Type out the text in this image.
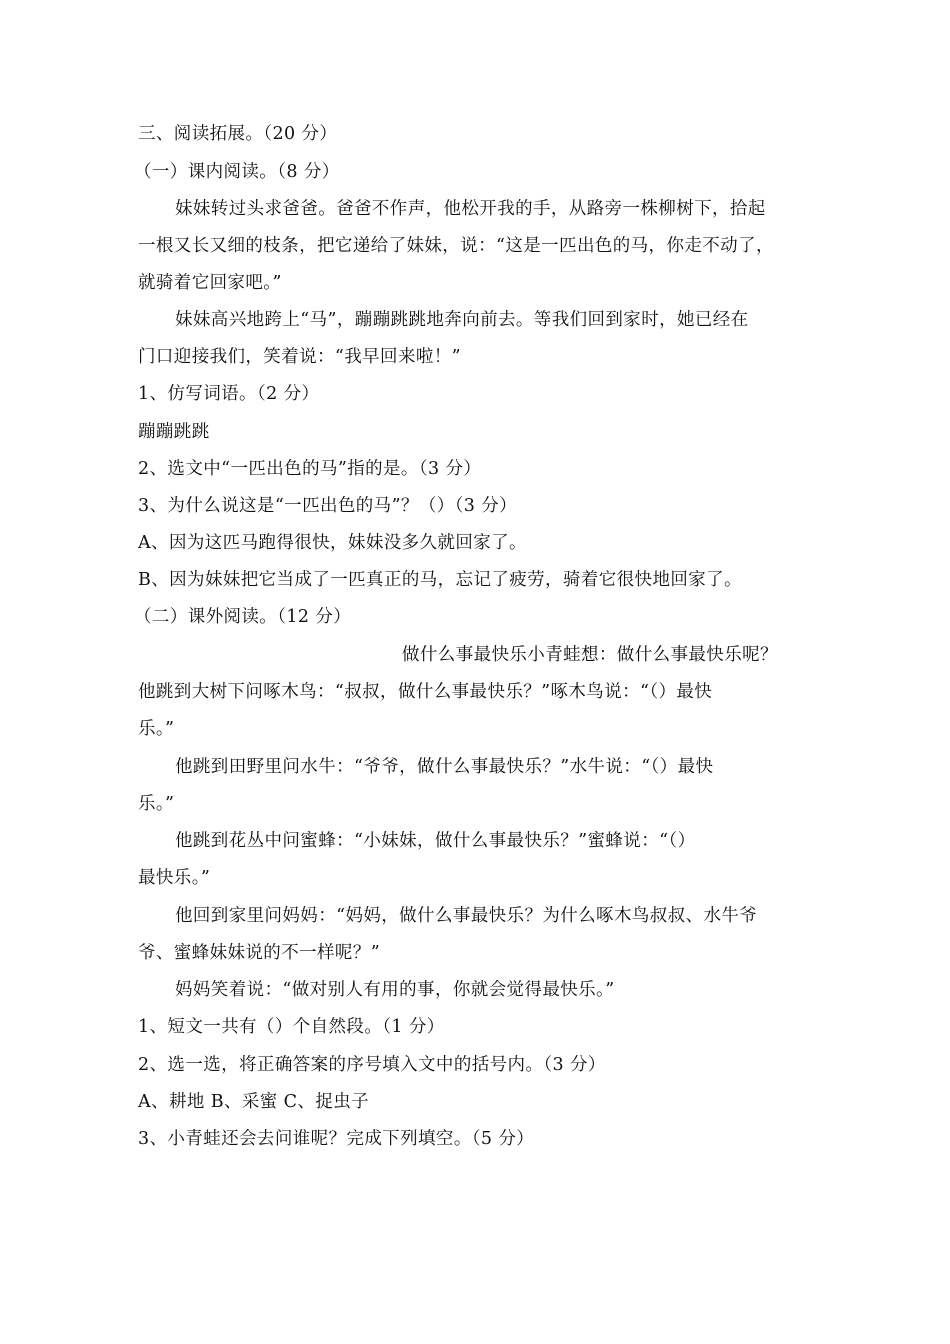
三、阅读拓展。（20 分）
（一）课内阅读。（8 分）
妹妹转过头求爸爸。爸爸不作声，他松开我的手，从路旁一株柳树下，拾起
一根又长又细的枝条，把它递给了妹妹，说：“这是一匹出色的马，你走不动了，
就骑着它回家吧。”
妹妹高兴地跨上“马”，蹦蹦跳跳地奔向前去。等我们回到家时，她已经在
门口迎接我们，笑着说：“我早回来啦！”
1、仿写词语。（2 分）
蹦蹦跳跳
2、选文中“一匹出色的马”指的是。（3 分）
3、为什么说这是“一匹出色的马”？（）（3 分）
A、因为这匹马跑得很快，妹妹没多久就回家了。
B、因为妹妹把它当成了一匹真正的马，忘记了疲劳，骑着它很快地回家了。
（二）课外阅读。（12 分）
做什么事最快乐小青蛙想：做什么事最快乐呢？
他跳到大树下问啄木鸟：“叔叔，做什么事最快乐？”啄木鸟说：“（）最快
乐。”
他跳到田野里问水牛：“爷爷，做什么事最快乐？”水牛说：“（）最快
乐。”
他跳到花丛中问蜜蜂：“小妹妹，做什么事最快乐？”蜜蜂说：“（）
最快乐。”
他回到家里问妈妈：“妈妈，做什么事最快乐？为什么啄木鸟叔叔、水牛爷
爷、蜜蜂妹妹说的不一样呢？”
妈妈笑着说：“做对别人有用的事，你就会觉得最快乐。”
1、短文一共有（）个自然段。（1 分）
2、选一选，将正确答案的序号填入文中的括号内。（3 分）
A、耕地 B、采蜜 C、捉虫子
3、小青蛙还会去问谁呢？完成下列填空。（5 分）
